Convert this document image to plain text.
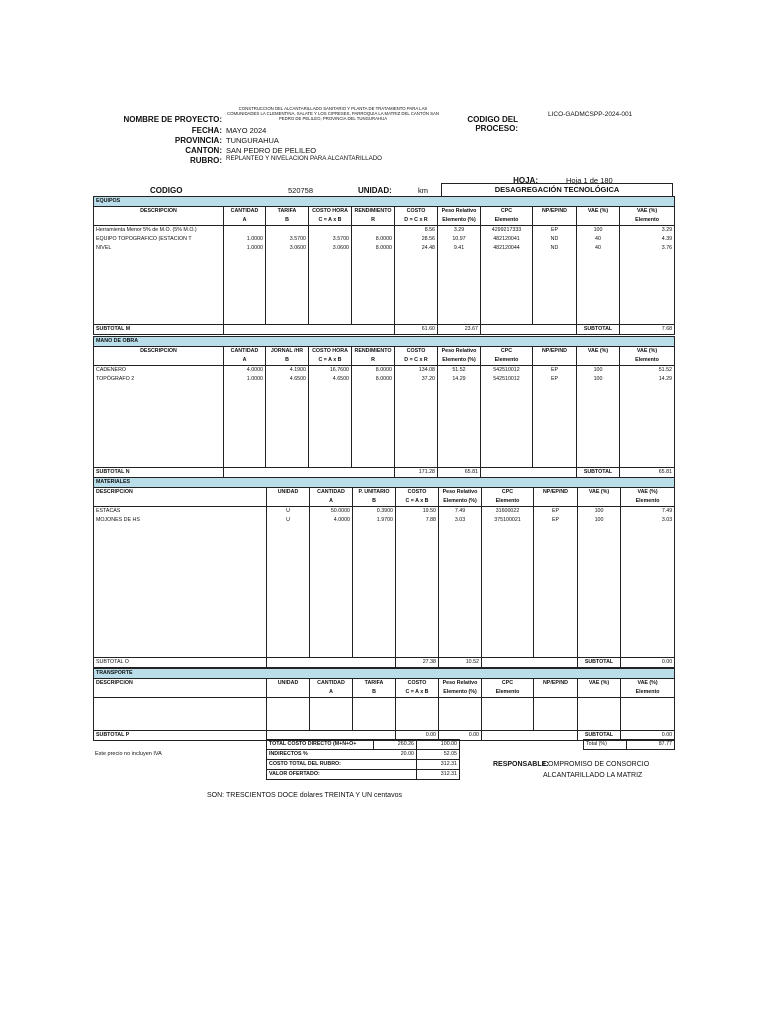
NOMBRE DE PROYECTO:
CONSTRUCCION DEL ALCANTARILLADO SANITARIO Y PLANTA DE TRATAMIENTO PARA LAS COMUNIDADES LA CLEMENTINA, SALATE Y LOS CIPRESES, PARROQUIA LA MATRIZ DEL CANTÓN SAN PEDRO DE PELILEO, PROVINCIA DEL TUNGURAHUA	CODIGO DEL PROCESO:
LICO-GADMCSPP-2024-001
FECHA: MAYO 2024
PROVINCIA: TUNGURAHUA
CANTON: SAN PEDRO DE PELILEO
RUBRO: REPLANTEO Y NIVELACION PARA ALCANTARILLADO
HOJA:	Hoja 1 de 180
CODIGO	520758	UNIDAD:	km	DESAGREGACIÓN TECNOLÓGICA
EQUIPOS										
DESCRIPCION	CANTIDAD	TARIFA	COSTO HORA	RENDIMIENTO	COSTO	Peso Relativo	CPC	NP/EP/ND	VAE (%)	VAE (%)
	A	B	C = A x B	R	D = C x R	Elemento (%)	Elemento			Elemento
Herramienta Menor 5% de M.O. (5% M.O.)					8.56	3.29	4299217333	EP	100	3.29
EQUIPO TOPOGRAFICO (ESTACION T	1.0000	3.5700	3.5700	8.0000	28.56	10.97	482120041	ND	40	4.39
NIVEL	1.0000	3.0600	3.0600	8.0000	24.48	9.41	482120044	ND	40	3.76

SUBTOTAL M					61.60	23.67			SUBTOTAL	7.68
MANO DE OBRA										
DESCRIPCION	CANTIDAD	JORNAL /HR	COSTO HORA	RENDIMIENTO	COSTO	Peso Relativo	CPC	NP/EP/ND	VAE (%)	VAE (%)
	A	B	C = A x B	R	D = C x R	Elemento (%)	Elemento			Elemento
CADENERO	4.0000	4.1900	16.7600	8.0000	134.08	51.52	542510012	EP	100	51.52
TOPÓGRAFO 2	1.0000	4.6500	4.6500	8.0000	37.20	14.29	542510012	EP	100	14.29

SUBTOTAL N					171.28	65.81			SUBTOTAL	65.81
MATERIALES									
DESCRIPCION	UNIDAD	CANTIDAD	P. UNITARIO	COSTO	Peso Relativo	CPC	NP/EP/ND	VAE (%)	VAE (%)
		A	B	C = A x B	Elemento (%)	Elemento			Elemento
ESTACAS	U	50.0000	0.3900	19.50	7.49	31600022	EP	100	7.49
MOJONES DE HS	U	4.0000	1.9700	7.88	3.03	375100021	EP	100	3.03

SUBTOTAL O				27.38	10.52			SUBTOTAL	0.00
TRANSPORTE									
DESCRIPCION	UNIDAD	CANTIDAD	TARIFA	COSTO	Peso Relativo	CPC	NP/EP/ND	VAE (%)	VAE (%)
		A	B	C = A x B	Elemento (%)	Elemento			Elemento

SUBTOTAL P				0.00	0.00			SUBTOTAL	0.00
TOTAL COSTO DIRECTO (M+N+O+	260.26	100.00
INDIRECTOS %	20.00	52.05
COSTO TOTAL DEL RUBRO:		312.31
VALOR OFERTADO:		312.31
Total (%)	87.77
Este precio no incluyen IVA
RESPONSABLE:
COMPROMISO DE CONSORCIO
ALCANTARILLADO LA MATRIZ
SON: TRESCIENTOS DOCE dolares TREINTA Y UN centavos
